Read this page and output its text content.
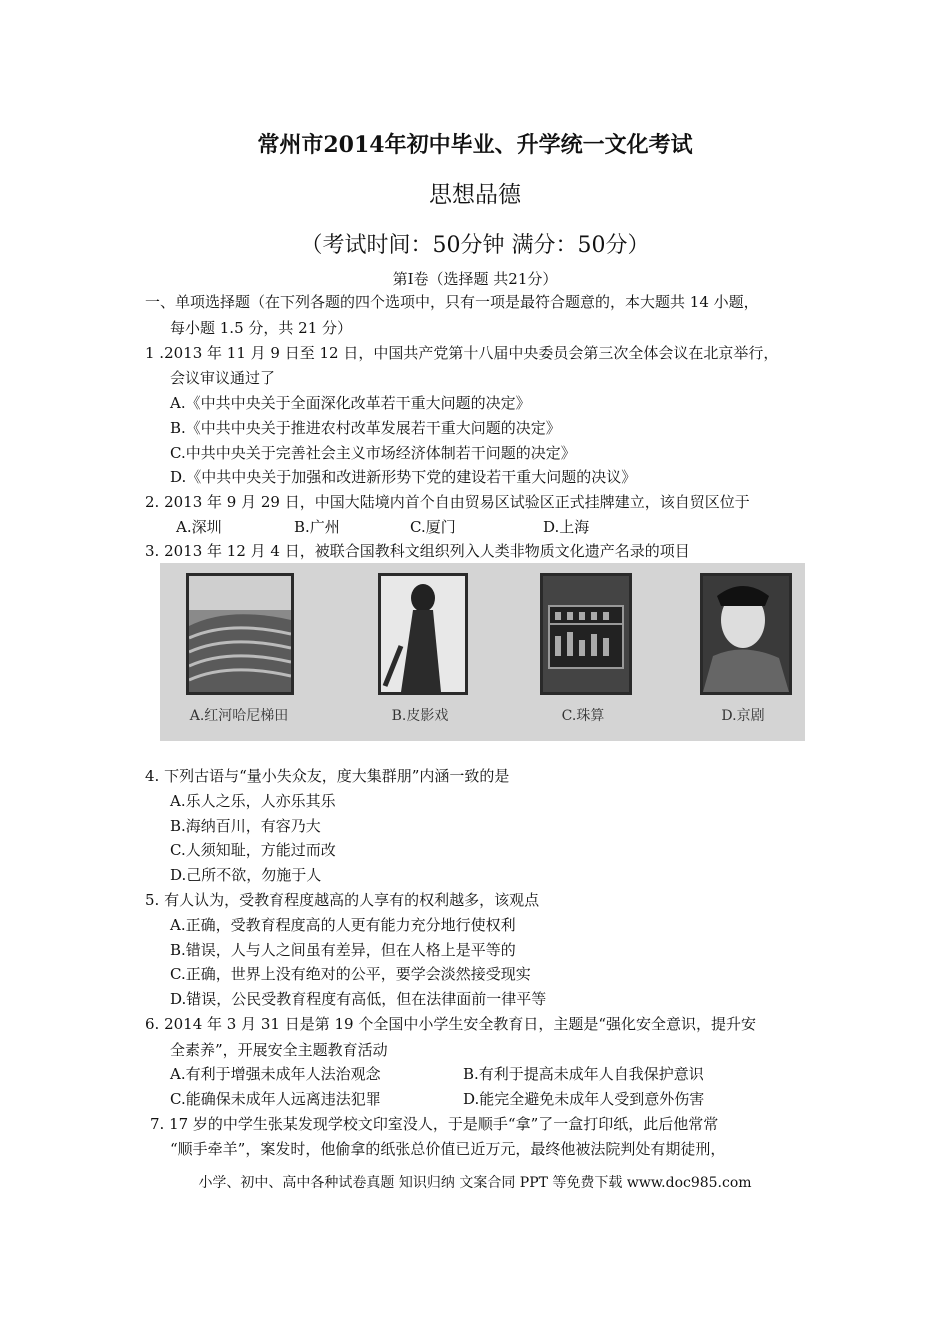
常州市2014年初中毕业、升学统一文化考试
思想品德
（考试时间：50分钟 满分：50分）
第Ⅰ卷（选择题 共21分）
一、单项选择题（在下列各题的四个选项中，只有一项是最符合题意的，本大题共 14 小题，
每小题 1.5 分，共 21 分）
1 .2013 年 11 月 9 日至 12 日，中国共产党第十八届中央委员会第三次全体会议在北京举行，
会议审议通过了
A.《中共中央关于全面深化改革若干重大问题的决定》
B.《中共中央关于推进农村改革发展若干重大问题的决定》
C.中共中央关于完善社会主义市场经济体制若干问题的决定》
D.《中共中央关于加强和改进新形势下党的建设若干重大问题的决议》
2. 2013 年 9 月 29 日，中国大陆境内首个自由贸易区试验区正式挂牌建立，该自贸区位于
A.深圳	B.广州	C.厦门	D.上海
3. 2013 年 12 月 4 日，被联合国教科文组织列入人类非物质文化遗产名录的项目
A.红河哈尼梯田	B.皮影戏	C.珠算	D.京剧
4. 下列古语与“量小失众友，度大集群朋”内涵一致的是
A.乐人之乐，人亦乐其乐
B.海纳百川，有容乃大
C.人须知耻，方能过而改
D.己所不欲，勿施于人
5. 有人认为，受教育程度越高的人享有的权利越多，该观点
A.正确，受教育程度高的人更有能力充分地行使权利
B.错误，人与人之间虽有差异，但在人格上是平等的
C.正确，世界上没有绝对的公平，要学会淡然接受现实
D.错误，公民受教育程度有高低，但在法律面前一律平等
6. 2014 年 3 月 31 日是第 19 个全国中小学生安全教育日，主题是“强化安全意识，提升安
全素养”，开展安全主题教育活动
A.有利于增强未成年人法治观念	B.有利于提高未成年人自我保护意识
C.能确保未成年人远离违法犯罪	D.能完全避免未成年人受到意外伤害
7. 17 岁的中学生张某发现学校文印室没人，于是顺手“拿”了一盒打印纸，此后他常常
“顺手牵羊”，案发时，他偷拿的纸张总价值已近万元，最终他被法院判处有期徒刑，
小学、初中、高中各种试卷真题 知识归纳 文案合同 PPT 等免费下载 www.doc985.com
